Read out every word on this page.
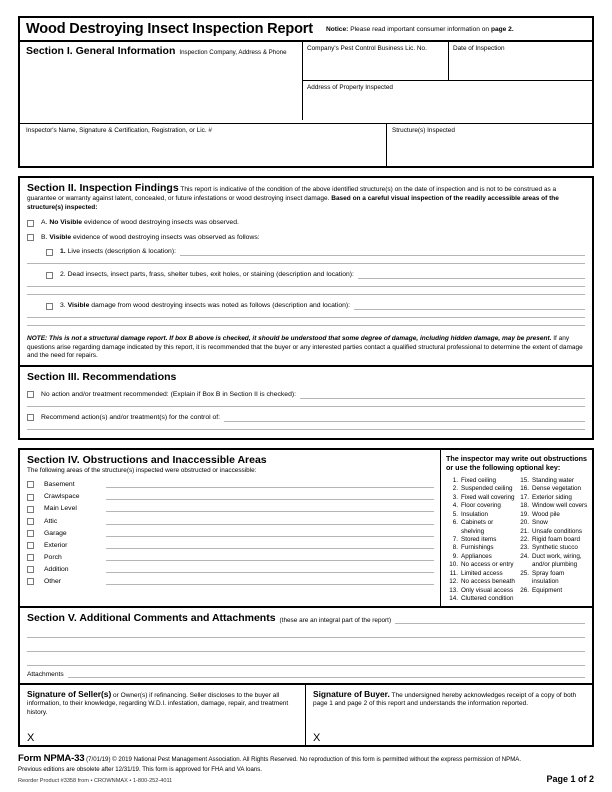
Wood Destroying Insect Inspection Report	Notice: Please read important consumer information on page 2.
Section I. General Information Inspection Company, Address & Phone
Company's Pest Control Business Lic. No.	Date of Inspection
Address of Property Inspected
Inspector's Name, Signature & Certification, Registration, or Lic. #	Structure(s) Inspected
Section II. Inspection Findings This report is indicative of the condition of the above identified structure(s) on the date of inspection and is not to be construed as a guarantee or warranty against latent, concealed, or future infestations or wood destroying insect damage. Based on a careful visual inspection of the readily accessible areas of the structure(s) inspected:
A. No Visible evidence of wood destroying insects was observed.
B. Visible evidence of wood destroying insects was observed as follows:
1. Live insects (description & location):
2. Dead insects, insect parts, frass, shelter tubes, exit holes, or staining (description and location):
3. Visible damage from wood destroying insects was noted as follows (description and location):
NOTE: This is not a structural damage report. If box B above is checked, it should be understood that some degree of damage, including hidden damage, may be present. If any questions arise regarding damage indicated by this report, it is recommended that the buyer or any interested parties contact a qualified structural professional to determine the extent of damage and the need for repairs.
Section III. Recommendations
No action and/or treatment recommended: (Explain if Box B in Section II is checked):
Recommend action(s) and/or treatment(s) for the control of:
Section IV. Obstructions and Inaccessible Areas
The following areas of the structure(s) inspected were obstructed or inaccessible:
Basement
Crawlspace
Main Level
Attic
Garage
Exterior
Porch
Addition
Other
The inspector may write out obstructions
or use the following optional key:
1. Fixed ceiling
2. Suspended ceiling
3. Fixed wall covering
4. Floor covering
5. Insulation
6. Cabinets or shelving
7. Stored items
8. Furnishings
9. Appliances
10. No access or entry
11. Limited access
12. No access beneath
13. Only visual access
14. Cluttered condition
15. Standing water
16. Dense vegetation
17. Exterior siding
18. Window well covers
19. Wood pile
20. Snow
21. Unsafe conditions
22. Rigid foam board
23. Synthetic stucco
24. Duct work, wiring,
and/or plumbing
25. Spray foam
insulation
26. Equipment
Section V. Additional Comments and Attachments (these are an integral part of the report)
Attachments
Signature of Seller(s) or Owner(s) if refinancing. Seller discloses to the buyer all information, to their knowledge, regarding W.D.I. infestation, damage, repair, and treatment history.
X
Signature of Buyer. The undersigned hereby acknowledges receipt of a copy of both page 1 and page 2 of this report and understands the information reported.
X
Form NPMA-33 (7/01/19) © 2019 National Pest Management Association. All Rights Reserved. No reproduction of this form is permitted without the express permission of NPMA.
Previous editions are obsolete after 12/31/19. This form is approved for FHA and VA loans.
Reorder Product #3358 from • CROWNMAX • 1-800-252-4011	Page 1 of 2
